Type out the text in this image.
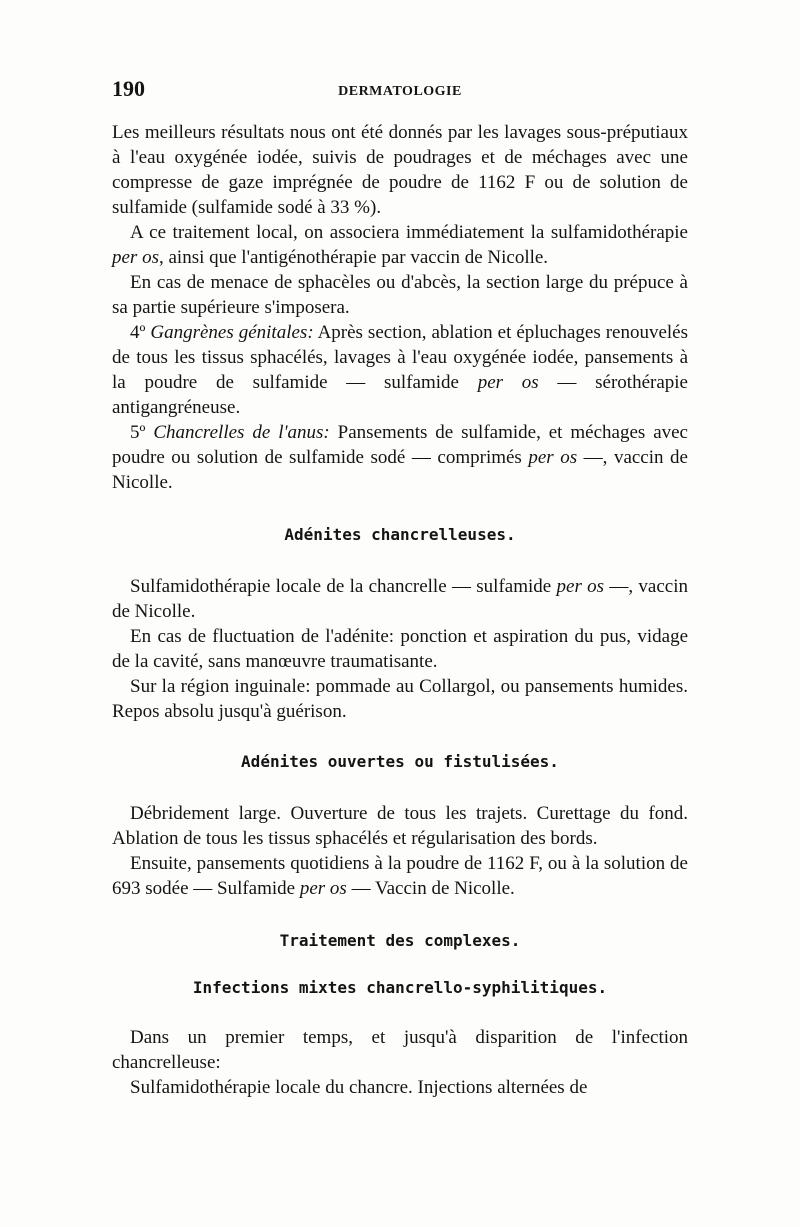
190	DERMATOLOGIE

Les meilleurs résultats nous ont été donnés par les lavages sous-préputiaux à l'eau oxygénée iodée, suivis de poudrages et de méchages avec une compresse de gaze imprégnée de poudre de 1162 F ou de solution de sulfamide (sulfamide sodé à 33 %).

A ce traitement local, on associera immédiatement la sulfamidothérapie per os, ainsi que l'antigénothérapie par vaccin de Nicolle.

En cas de menace de sphacèles ou d'abcès, la section large du prépuce à sa partie supérieure s'imposera.

4º Gangrènes génitales: Après section, ablation et épluchages renouvelés de tous les tissus sphacélés, lavages à l'eau oxygénée iodée, pansements à la poudre de sulfamide — sulfamide per os — sérothérapie antigangréneuse.

5º Chancrelles de l'anus: Pansements de sulfamide, et méchages avec poudre ou solution de sulfamide sodé — comprimés per os —, vaccin de Nicolle.

Adénites chancrelleuses.

Sulfamidothérapie locale de la chancrelle — sulfamide per os —, vaccin de Nicolle.

En cas de fluctuation de l'adénite: ponction et aspiration du pus, vidage de la cavité, sans manœuvre traumatisante.

Sur la région inguinale: pommade au Collargol, ou pansements humides. Repos absolu jusqu'à guérison.

Adénites ouvertes ou fistulisées.

Débridement large. Ouverture de tous les trajets. Curettage du fond. Ablation de tous les tissus sphacélés et régularisation des bords.

Ensuite, pansements quotidiens à la poudre de 1162 F, ou à la solution de 693 sodée — Sulfamide per os — Vaccin de Nicolle.

Traitement des complexes.
Infections mixtes chancrello-syphilitiques.

Dans un premier temps, et jusqu'à disparition de l'infection chancrelleuse:

Sulfamidothérapie locale du chancre. Injections alternées de
